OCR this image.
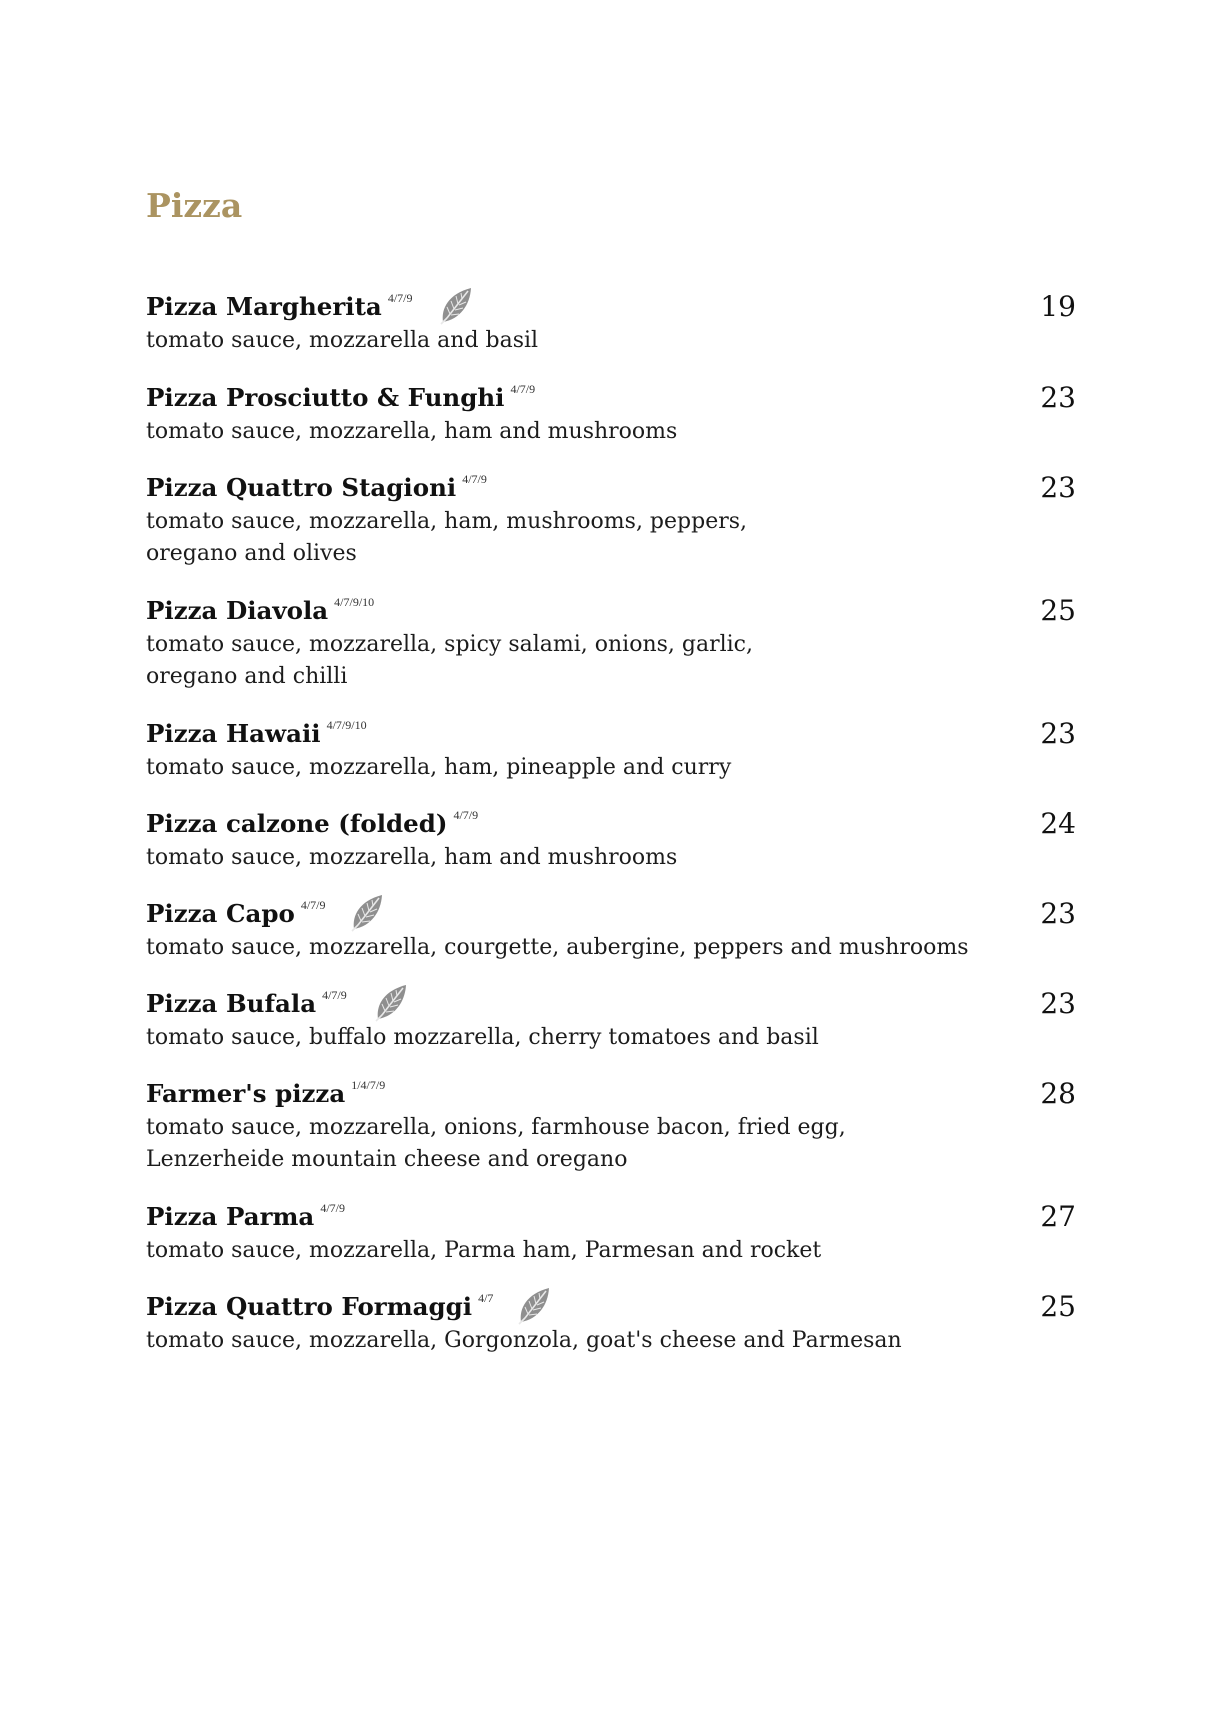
Pizza
Pizza Margherita $^{4/7/9}$	19
tomato sauce, mozzarella and basil
Pizza Prosciutto & Funghi $^{4/7/9}$	23
tomato sauce, mozzarella, ham and mushrooms
Pizza Quattro Stagioni $^{4/7/9}$	23
tomato sauce, mozzarella, ham, mushrooms, peppers,
oregano and olives
Pizza Diavola $^{4/7/9/10}$	25
tomato sauce, mozzarella, spicy salami, onions, garlic,
oregano and chilli
Pizza Hawaii $^{4/7/9/10}$	23
tomato sauce, mozzarella, ham, pineapple and curry
Pizza calzone (folded) $^{4/7/9}$	24
tomato sauce, mozzarella, ham and mushrooms
Pizza Capo $^{4/7/9}$	23
tomato sauce, mozzarella, courgette, aubergine, peppers and mushrooms
Pizza Bufala $^{4/7/9}$	23
tomato sauce, buffalo mozzarella, cherry tomatoes and basil
Farmer's pizza $^{1/4/7/9}$	28
tomato sauce, mozzarella, onions, farmhouse bacon, fried egg,
Lenzerheide mountain cheese and oregano
Pizza Parma $^{4/7/9}$	27
tomato sauce, mozzarella, Parma ham, Parmesan and rocket
Pizza Quattro Formaggi $^{4/7}$	25
tomato sauce, mozzarella, Gorgonzola, goat's cheese and Parmesan
